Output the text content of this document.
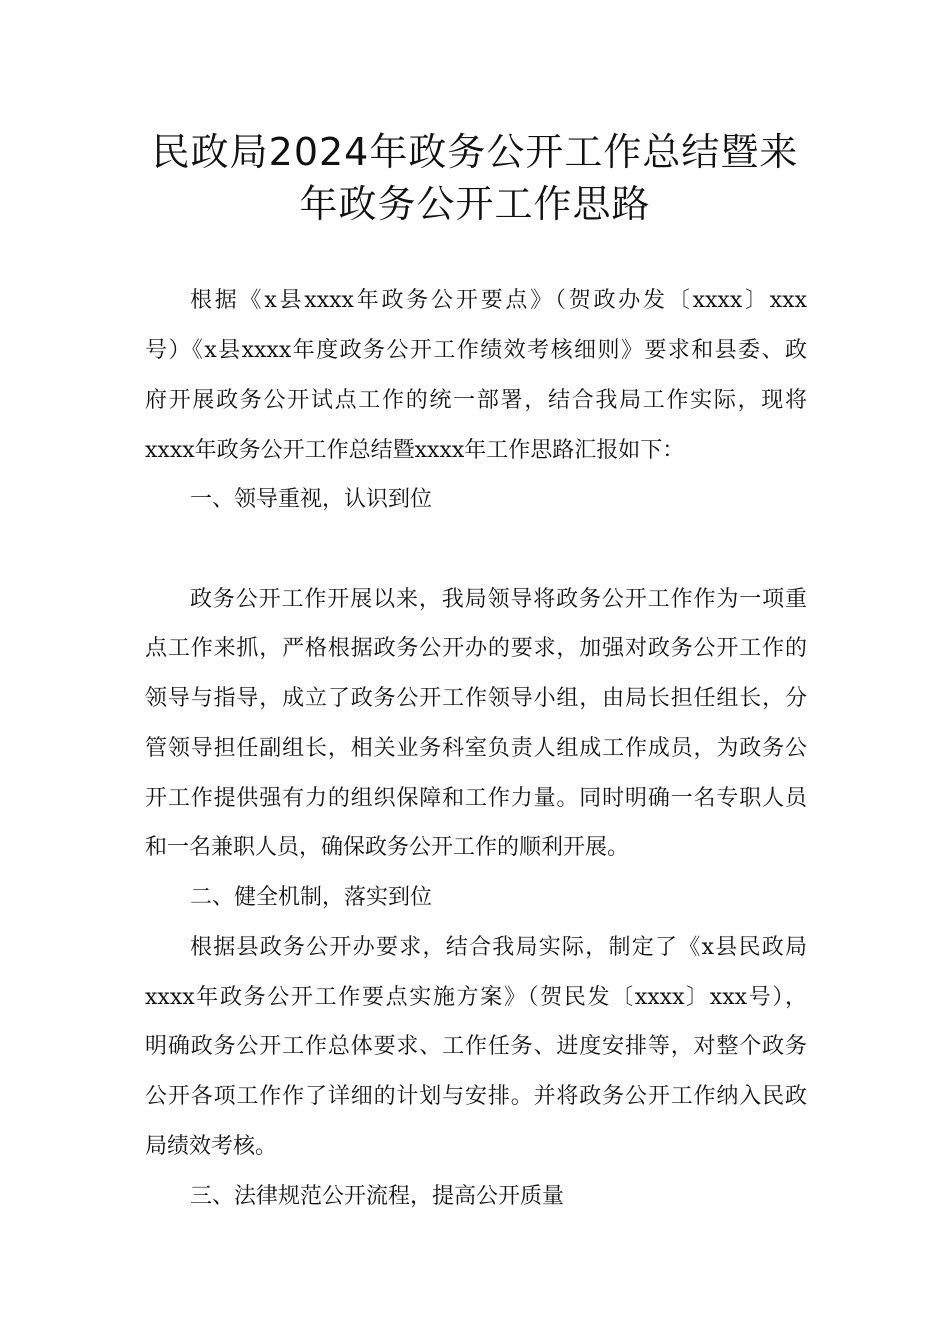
民政局2024年政务公开工作总结暨来
年政务公开工作思路

根据《x县xxxx年政务公开要点》（贺政办发〔xxxx〕xxx

号）《x县xxxx年度政务公开工作绩效考核细则》要求和县委、政

府开展政务公开试点工作的统一部署，结合我局工作实际，现将

xxxx年政务公开工作总结暨xxxx年工作思路汇报如下：

一、领导重视，认识到位

政务公开工作开展以来，我局领导将政务公开工作作为一项重

点工作来抓，严格根据政务公开办的要求，加强对政务公开工作的

领导与指导，成立了政务公开工作领导小组，由局长担任组长，分

管领导担任副组长，相关业务科室负责人组成工作成员，为政务公

开工作提供强有力的组织保障和工作力量。同时明确一名专职人员

和一名兼职人员，确保政务公开工作的顺利开展。

二、健全机制，落实到位

根据县政务公开办要求，结合我局实际，制定了《x县民政局

xxxx年政务公开工作要点实施方案》（贺民发〔xxxx〕xxx号），

明确政务公开工作总体要求、工作任务、进度安排等，对整个政务

公开各项工作作了详细的计划与安排。并将政务公开工作纳入民政

局绩效考核。

三、法律规范公开流程，提高公开质量
